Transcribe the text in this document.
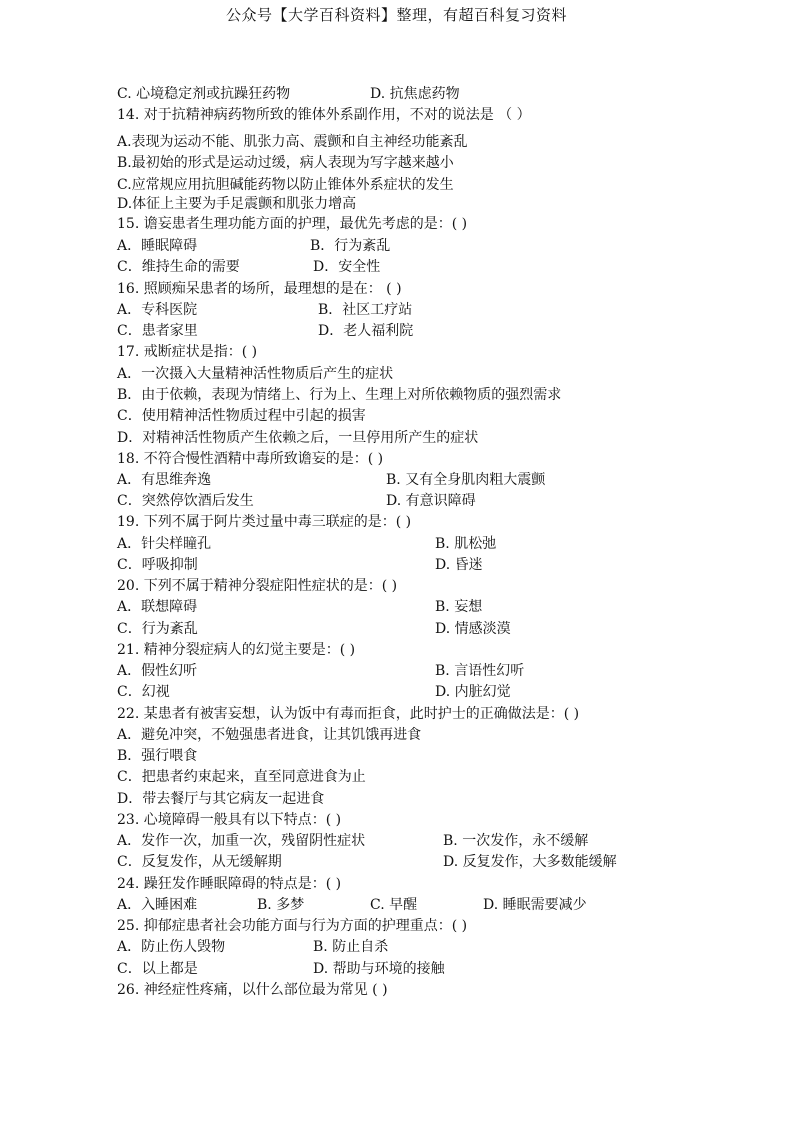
公众号【大学百科资料】整理，有超百科复习资料
C. 心境稳定剂或抗躁狂药物	D. 抗焦虑药物
14. 对于抗精神病药物所致的锥体外系副作用，不对的说法是 （ ）
A.表现为运动不能、肌张力高、震颤和自主神经功能紊乱
B.最初始的形式是运动过缓，病人表现为写字越来越小
C.应常规应用抗胆碱能药物以防止锥体外系症状的发生
D.体征上主要为手足震颤和肌张力增高
15. 谵妄患者生理功能方面的护理，最优先考虑的是：( )
A．睡眠障碍	B．行为紊乱
C．维持生命的需要	D．安全性
16. 照顾痴呆患者的场所，最理想的是在： ( )
A．专科医院	B．社区工疗站
C．患者家里	D．老人福利院
17. 戒断症状是指：( )
A．一次摄入大量精神活性物质后产生的症状
B．由于依赖，表现为情绪上、行为上、生理上对所依赖物质的强烈需求
C．使用精神活性物质过程中引起的损害
D．对精神活性物质产生依赖之后，一旦停用所产生的症状
18. 不符合慢性酒精中毒所致谵妄的是：( )
A．有思维奔逸	B. 又有全身肌肉粗大震颤
C．突然停饮酒后发生	D. 有意识障碍
19. 下列不属于阿片类过量中毒三联症的是：( )
A．针尖样瞳孔	B. 肌松弛
C．呼吸抑制	D. 昏迷
20. 下列不属于精神分裂症阳性症状的是：( )
A．联想障碍	B. 妄想
C．行为紊乱	D. 情感淡漠
21. 精神分裂症病人的幻觉主要是：( )
A．假性幻听	B. 言语性幻听
C．幻视	D. 内脏幻觉
22. 某患者有被害妄想，认为饭中有毒而拒食，此时护士的正确做法是：( )
A．避免冲突，不勉强患者进食，让其饥饿再进食
B．强行喂食
C．把患者约束起来，直至同意进食为止
D．带去餐厅与其它病友一起进食
23. 心境障碍一般具有以下特点：( )
A．发作一次，加重一次，残留阴性症状	B. 一次发作，永不缓解
C．反复发作，从无缓解期	D. 反复发作，大多数能缓解
24. 躁狂发作睡眠障碍的特点是：( )
A．入睡困难	B. 多梦	C. 早醒	D. 睡眠需要减少
25. 抑郁症患者社会功能方面与行为方面的护理重点：( )
A．防止伤人毁物	B. 防止自杀
C．以上都是	D. 帮助与环境的接触
26. 神经症性疼痛，以什么部位最为常见 ( )
